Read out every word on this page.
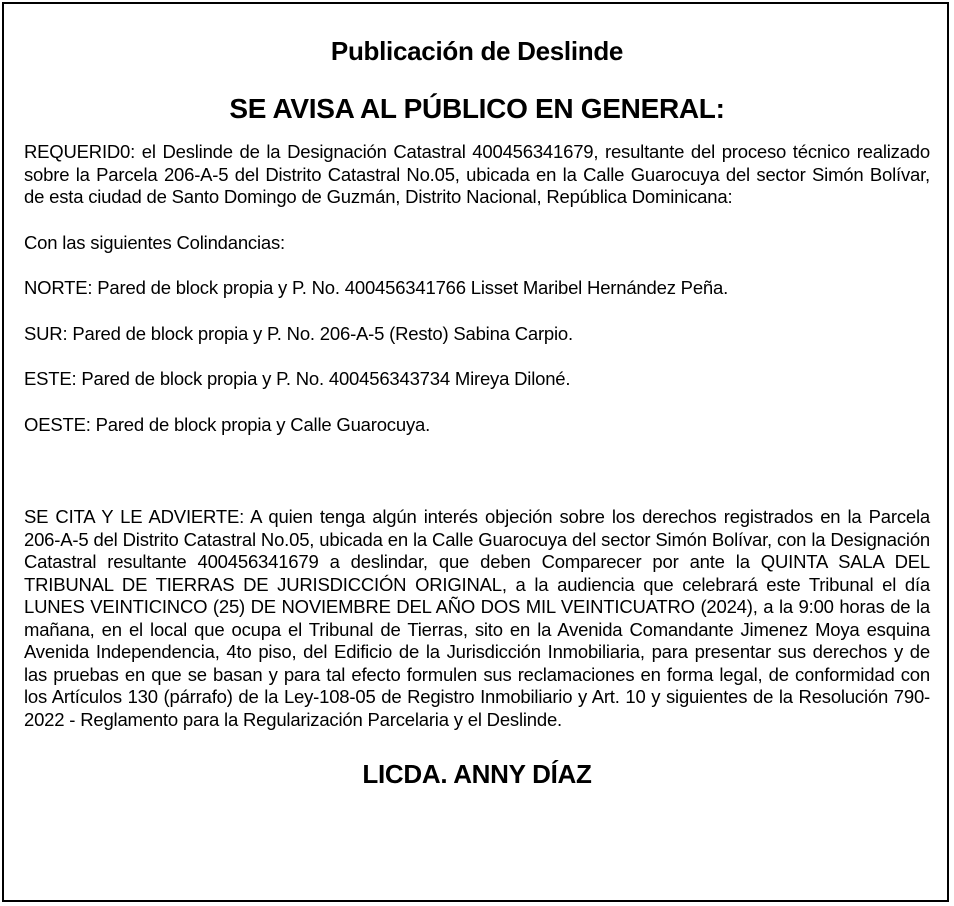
Publicación de Deslinde
SE AVISA AL PÚBLICO EN GENERAL:

REQUERID0: el Deslinde de la Designación Catastral 400456341679, resultante del proceso técnico realizado sobre la Parcela 206-A-5 del Distrito Catastral No.05, ubicada en la Calle Guarocuya del sector Simón Bolívar, de esta ciudad de Santo Domingo de Guzmán, Distrito Nacional, República Dominicana:

Con las siguientes Colindancias:

NORTE: Pared de block propia y P. No. 400456341766 Lisset Maribel Hernández Peña.

SUR: Pared de block propia y P. No. 206-A-5 (Resto) Sabina Carpio.

ESTE: Pared de block propia y P. No. 400456343734 Mireya Diloné.

OESTE: Pared de block propia y Calle Guarocuya.

SE CITA Y LE ADVIERTE: A quien tenga algún interés objeción sobre los derechos registrados en la Parcela 206-A-5 del Distrito Catastral No.05, ubicada en la Calle Guarocuya del sector Simón Bolívar, con la Designación Catastral resultante 400456341679 a deslindar, que deben Comparecer por ante la QUINTA SALA DEL TRIBUNAL DE TIERRAS DE JURISDICCIÓN ORIGINAL, a la audiencia que celebrará este Tribunal el día LUNES VEINTICINCO (25) DE NOVIEMBRE DEL AÑO DOS MIL VEINTICUATRO (2024), a la 9:00 horas de la mañana, en el local que ocupa el Tribunal de Tierras, sito en la Avenida Comandante Jimenez Moya esquina Avenida Independencia, 4to piso, del Edificio de la Jurisdicción Inmobiliaria, para presentar sus derechos y de las pruebas en que se basan y para tal efecto formulen sus reclamaciones en forma legal, de conformidad con los Artículos 130 (párrafo) de la Ley-108-05 de Registro Inmobiliario y Art. 10 y siguientes de la Resolución 790-2022 - Reglamento para la Regularización Parcelaria y el Deslinde.

LICDA. ANNY DÍAZ
